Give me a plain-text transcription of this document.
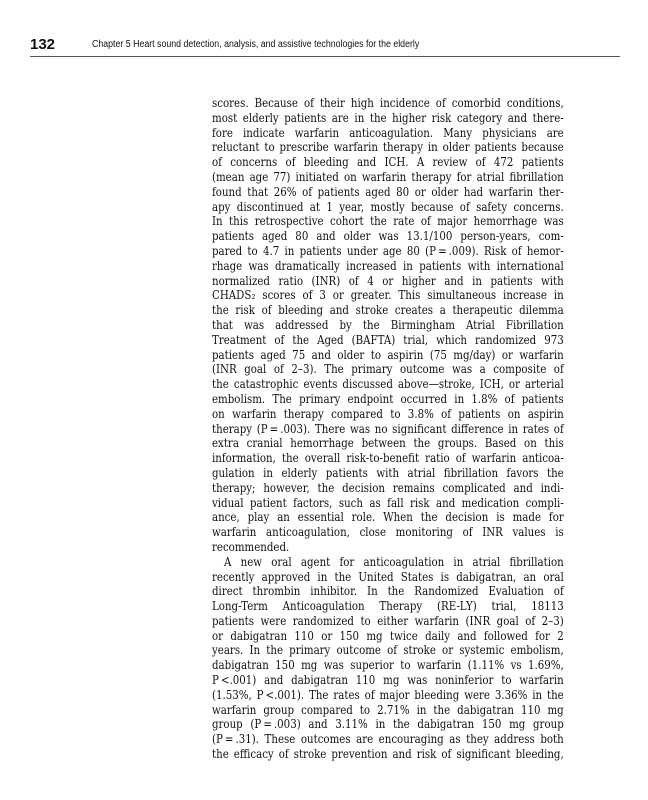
132	Chapter 5 Heart sound detection, analysis, and assistive technologies for the elderly
scores. Because of their high incidence of comorbid conditions,
most elderly patients are in the higher risk category and there-
fore indicate warfarin anticoagulation. Many physicians are
reluctant to prescribe warfarin therapy in older patients because
of concerns of bleeding and ICH. A review of 472 patients
(mean age 77) initiated on warfarin therapy for atrial fibrillation
found that 26% of patients aged 80 or older had warfarin ther-
apy discontinued at 1 year, mostly because of safety concerns.
In this retrospective cohort the rate of major hemorrhage was
patients aged 80 and older was 13.1/100 person-years, com-
pared to 4.7 in patients under age 80 (P = .009). Risk of hemor-
rhage was dramatically increased in patients with international
normalized ratio (INR) of 4 or higher and in patients with
CHADS₂ scores of 3 or greater. This simultaneous increase in
the risk of bleeding and stroke creates a therapeutic dilemma
that was addressed by the Birmingham Atrial Fibrillation
Treatment of the Aged (BAFTA) trial, which randomized 973
patients aged 75 and older to aspirin (75 mg/day) or warfarin
(INR goal of 2–3). The primary outcome was a composite of
the catastrophic events discussed above—stroke, ICH, or arterial
embolism. The primary endpoint occurred in 1.8% of patients
on warfarin therapy compared to 3.8% of patients on aspirin
therapy (P = .003). There was no significant difference in rates of
extra cranial hemorrhage between the groups. Based on this
information, the overall risk-to-benefit ratio of warfarin anticoa-
gulation in elderly patients with atrial fibrillation favors the
therapy; however, the decision remains complicated and indi-
vidual patient factors, such as fall risk and medication compli-
ance, play an essential role. When the decision is made for
warfarin anticoagulation, close monitoring of INR values is
recommended.
A new oral agent for anticoagulation in atrial fibrillation
recently approved in the United States is dabigatran, an oral
direct thrombin inhibitor. In the Randomized Evaluation of
Long-Term Anticoagulation Therapy (RE-LY) trial, 18113
patients were randomized to either warfarin (INR goal of 2–3)
or dabigatran 110 or 150 mg twice daily and followed for 2
years. In the primary outcome of stroke or systemic embolism,
dabigatran 150 mg was superior to warfarin (1.11% vs 1.69%,
P <.001) and dabigatran 110 mg was noninferior to warfarin
(1.53%, P <.001). The rates of major bleeding were 3.36% in the
warfarin group compared to 2.71% in the dabigatran 110 mg
group (P = .003) and 3.11% in the dabigatran 150 mg group
(P = .31). These outcomes are encouraging as they address both
the efficacy of stroke prevention and risk of significant bleeding,
